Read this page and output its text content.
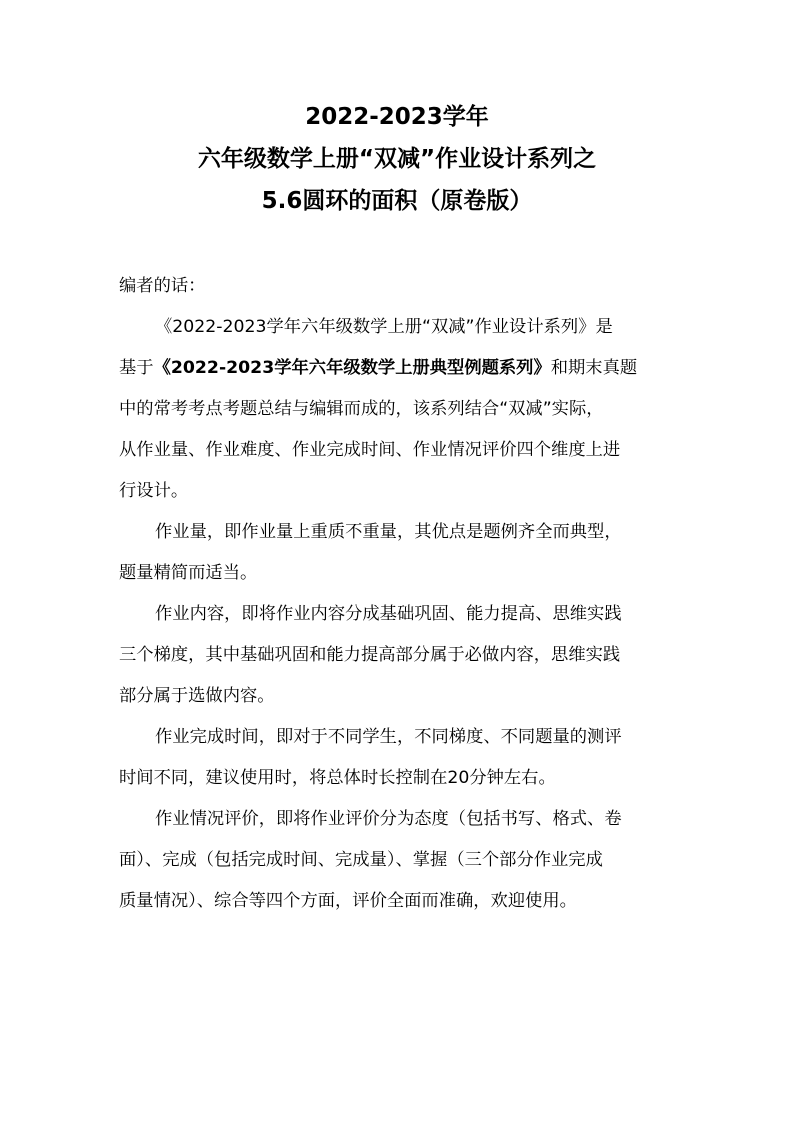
2022-2023学年
六年级数学上册“双减”作业设计系列之
5.6圆环的面积（原卷版）
编者的话：
《2022-2023学年六年级数学上册“双减”作业设计系列》是
基于《2022-2023学年六年级数学上册典型例题系列》和期末真题
中的常考考点考题总结与编辑而成的，该系列结合“双减”实际，
从作业量、作业难度、作业完成时间、作业情况评价四个维度上进
行设计。
作业量，即作业量上重质不重量，其优点是题例齐全而典型，
题量精简而适当。
作业内容，即将作业内容分成基础巩固、能力提高、思维实践
三个梯度，其中基础巩固和能力提高部分属于必做内容，思维实践
部分属于选做内容。
作业完成时间，即对于不同学生，不同梯度、不同题量的测评
时间不同，建议使用时，将总体时长控制在20分钟左右。
作业情况评价，即将作业评价分为态度（包括书写、格式、卷
面）、完成（包括完成时间、完成量）、掌握（三个部分作业完成
质量情况）、综合等四个方面，评价全面而准确，欢迎使用。
